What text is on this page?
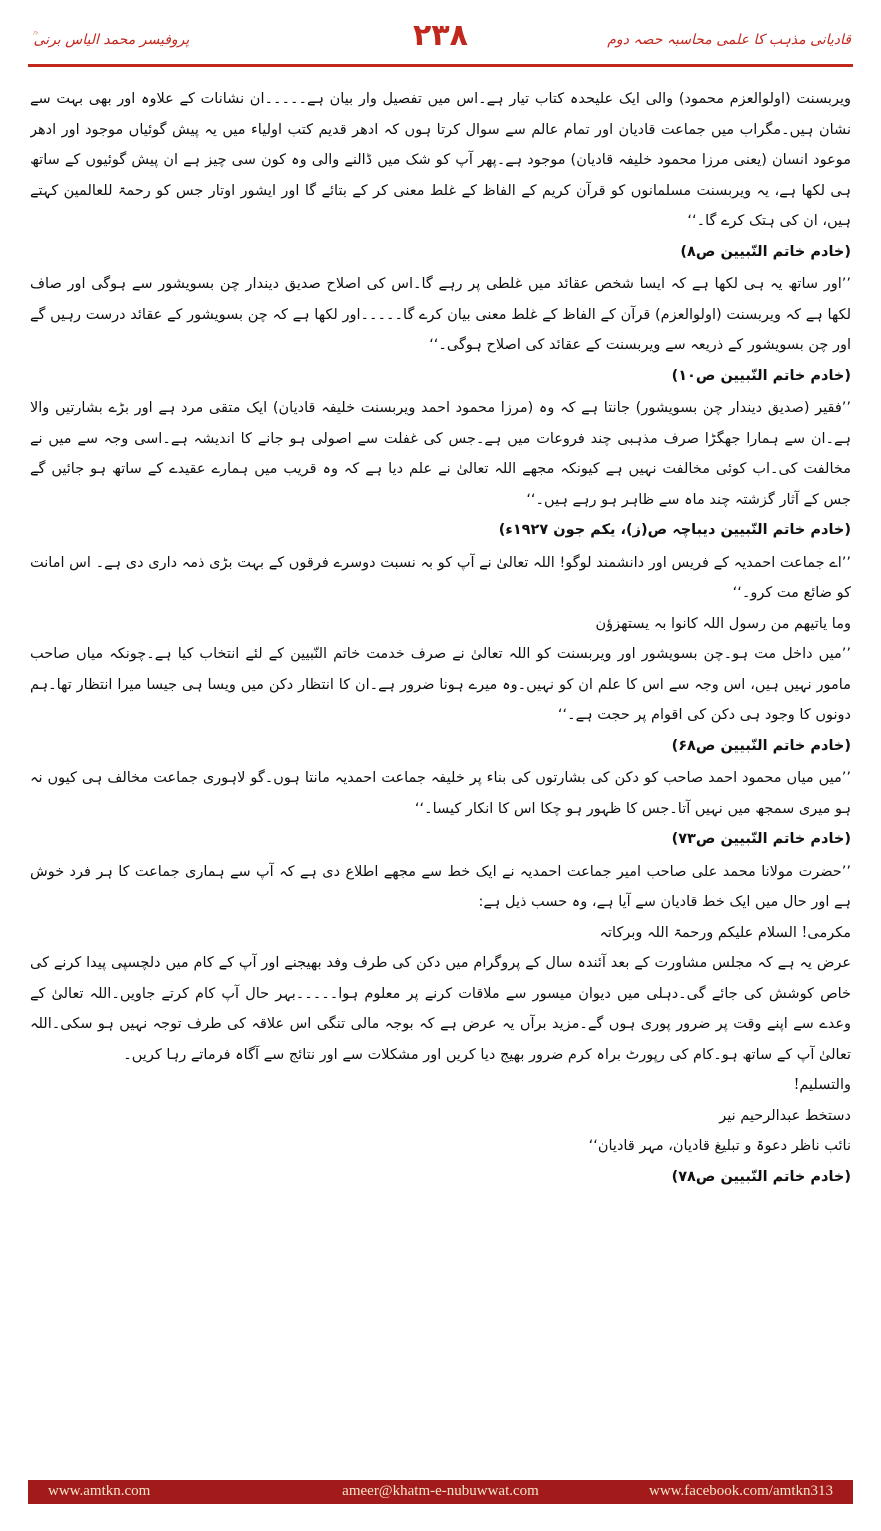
پروفیسر محمد الیاس برنی ؒ	۲۳۸	قادیانی مذہب کا علمی محاسبہ حصہ دوم

ویربسنت (اولوالعزم محمود) والی ایک علیحدہ کتاب تیار ہے۔اس میں تفصیل وار بیان ہے۔۔۔۔۔ان نشانات کے علاوہ اور بھی بہت سے نشان ہیں۔مگراب میں جماعت قادیان اور تمام عالم سے سوال کرتا ہوں کہ ادھر قدیم کتب اولیاء میں یہ پیش گوئیاں موجود اور ادھر موعود انسان (یعنی مرزا محمود خلیفہ قادیان) موجود ہے۔پھر آپ کو شک میں ڈالنے والی وہ کون سی چیز ہے ان پیش گوئیوں کے ساتھ ہی لکھا ہے، یہ ویربسنت مسلمانوں کو قرآن کریم کے الفاظ کے غلط معنی کر کے بتائے گا اور ایشور اوتار جس کو رحمۃ للعالمین کہتے ہیں، ان کی ہتک کرے گا۔‘‘

(خادم خاتم النّبیین ص۸)

’’اور ساتھ یہ ہی لکھا ہے کہ ایسا شخص عقائد میں غلطی پر رہے گا۔اس کی اصلاح صدیق دیندار چن بسویشور سے ہوگی اور صاف لکھا ہے کہ ویربسنت (اولوالعزم) قرآن کے الفاظ کے غلط معنی بیان کرے گا۔۔۔۔۔اور لکھا ہے کہ چن بسویشور کے عقائد درست رہیں گے اور چن بسویشور کے ذریعہ سے ویربسنت کے عقائد کی اصلاح ہوگی۔‘‘

(خادم خاتم النّبیین ص۱۰)

’’فقیر (صدیق دیندار چن بسویشور) جانتا ہے کہ وہ (مرزا محمود احمد ویربسنت خلیفہ قادیان) ایک متقی مرد ہے اور بڑے بشارتیں والا ہے۔ان سے ہمارا جھگڑا صرف مذہبی چند فروعات میں ہے۔جس کی غفلت سے اصولی ہو جانے کا اندیشہ ہے۔اسی وجہ سے میں نے مخالفت کی۔اب کوئی مخالفت نہیں ہے کیونکہ مجھے اللہ تعالیٰ نے علم دیا ہے کہ وہ قریب میں ہمارے عقیدے کے ساتھ ہو جائیں گے جس کے آثار گزشتہ چند ماہ سے ظاہر ہو رہے ہیں۔‘‘

(خادم خاتم النّبیین دیباچہ ص(ز)، یکم جون ۱۹۲۷ء)

’’اے جماعت احمدیہ کے فریس اور دانشمند لوگو! اللہ تعالیٰ نے آپ کو بہ نسبت دوسرے فرقوں کے بہت بڑی ذمہ داری دی ہے۔ اس امانت کو ضائع مت کرو۔‘‘

وما یاتیھم من رسول اللہ کانوا بہ یستھزؤن

’’میں داخل مت ہو۔چن بسویشور اور ویربسنت کو اللہ تعالیٰ نے صرف خدمت خاتم النّبیین کے لئے انتخاب کیا ہے۔چونکہ میاں صاحب مامور نہیں ہیں، اس وجہ سے اس کا علم ان کو نہیں۔وہ میرے ہونا ضرور ہے۔ان کا انتظار دکن میں ویسا ہی جیسا میرا انتظار تھا۔ہم دونوں کا وجود ہی دکن کی اقوام پر حجت ہے۔‘‘

(خادم خاتم النّبیین ص۶۸)

’’میں میاں محمود احمد صاحب کو دکن کی بشارتوں کی بناء پر خلیفہ جماعت احمدیہ مانتا ہوں۔گو لاہوری جماعت مخالف ہی کیوں نہ ہو میری سمجھ میں نہیں آتا۔جس کا ظہور ہو چکا اس کا انکار کیسا۔‘‘

(خادم خاتم النّبیین ص۷۳)

’’حضرت مولانا محمد علی صاحب امیر جماعت احمدیہ نے ایک خط سے مجھے اطلاع دی ہے کہ آپ سے ہماری جماعت کا ہر فرد خوش ہے اور حال میں ایک خط قادیان سے آیا ہے، وہ حسب ذیل ہے:

مکرمی! السلام علیکم ورحمۃ اللہ وبرکاتہ

عرض یہ ہے کہ مجلس مشاورت کے بعد آئندہ سال کے پروگرام میں دکن کی طرف وفد بھیجنے اور آپ کے کام میں دلچسپی پیدا کرنے کی خاص کوشش کی جائے گی۔دہلی میں دیوان میسور سے ملاقات کرنے پر معلوم ہوا۔۔۔۔۔بہر حال آپ کام کرتے جاویں۔اللہ تعالیٰ کے وعدے سے اپنے وقت پر ضرور پوری ہوں گے۔مزید برآں یہ عرض ہے کہ بوجہ مالی تنگی اس علاقہ کی طرف توجہ نہیں ہو سکی۔اللہ تعالیٰ آپ کے ساتھ ہو۔کام کی رپورٹ براہ کرم ضرور بھیج دیا کریں اور مشکلات سے اور نتائج سے آگاہ فرماتے رہا کریں۔

والتسلیم!

دستخط عبدالرحیم نیر

نائب ناظر دعوۃ و تبلیغ قادیان، مہر قادیان‘‘

(خادم خاتم النّبیین ص۷۸)

www.amtkn.com	ameer@khatm-e-nubuwwat.com	www.facebook.com/amtkn313
